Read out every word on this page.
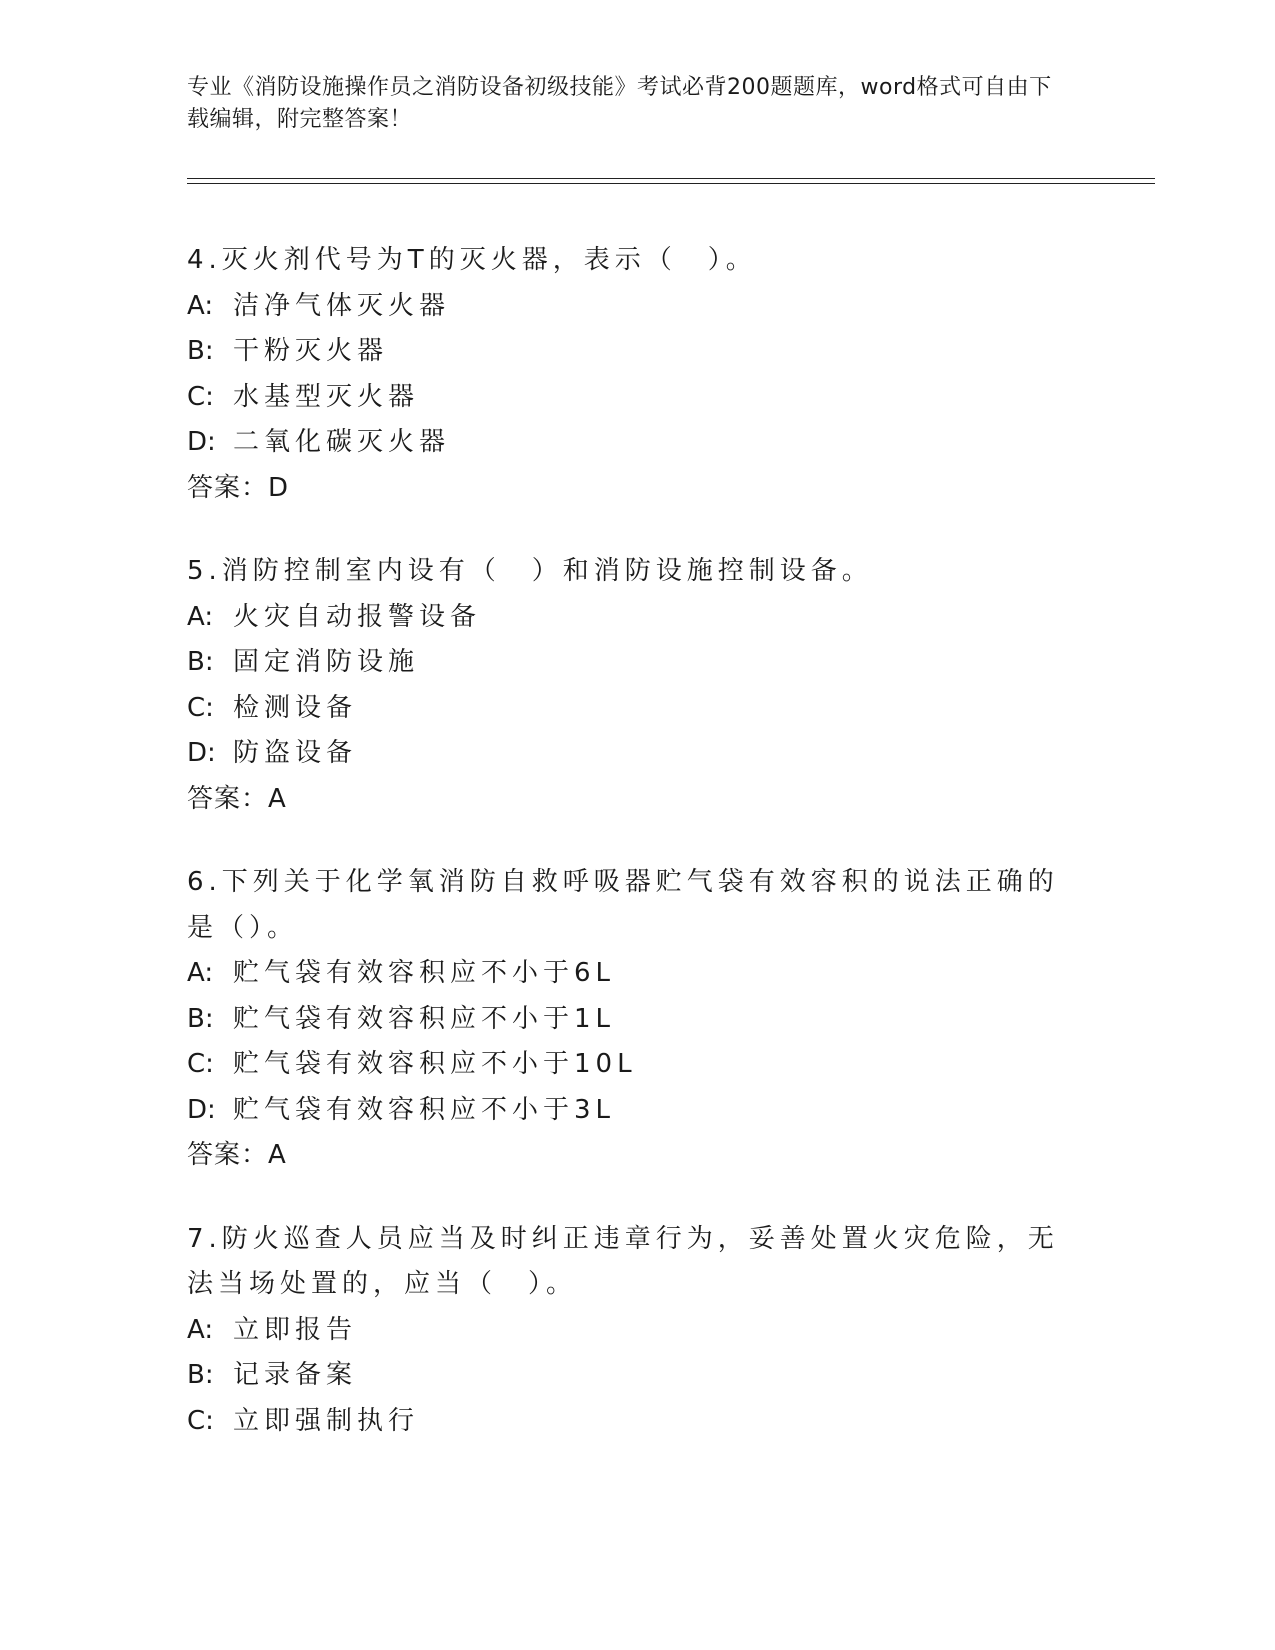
专业《消防设施操作员之消防设备初级技能》考试必背200题题库，word格式可自由下载编辑，附完整答案！
4.灭火剂代号为T的灭火器，表示（　）。
A: 洁净气体灭火器
B: 干粉灭火器
C: 水基型灭火器
D: 二氧化碳灭火器
答案：D
5.消防控制室内设有（　）和消防设施控制设备。
A: 火灾自动报警设备
B: 固定消防设施
C: 检测设备
D: 防盗设备
答案：A
6.下列关于化学氧消防自救呼吸器贮气袋有效容积的说法正确的是（）。
A: 贮气袋有效容积应不小于6L
B: 贮气袋有效容积应不小于1L
C: 贮气袋有效容积应不小于10L
D: 贮气袋有效容积应不小于3L
答案：A
7.防火巡查人员应当及时纠正违章行为，妥善处置火灾危险，无法当场处置的，应当（　）。
A: 立即报告
B: 记录备案
C: 立即强制执行
